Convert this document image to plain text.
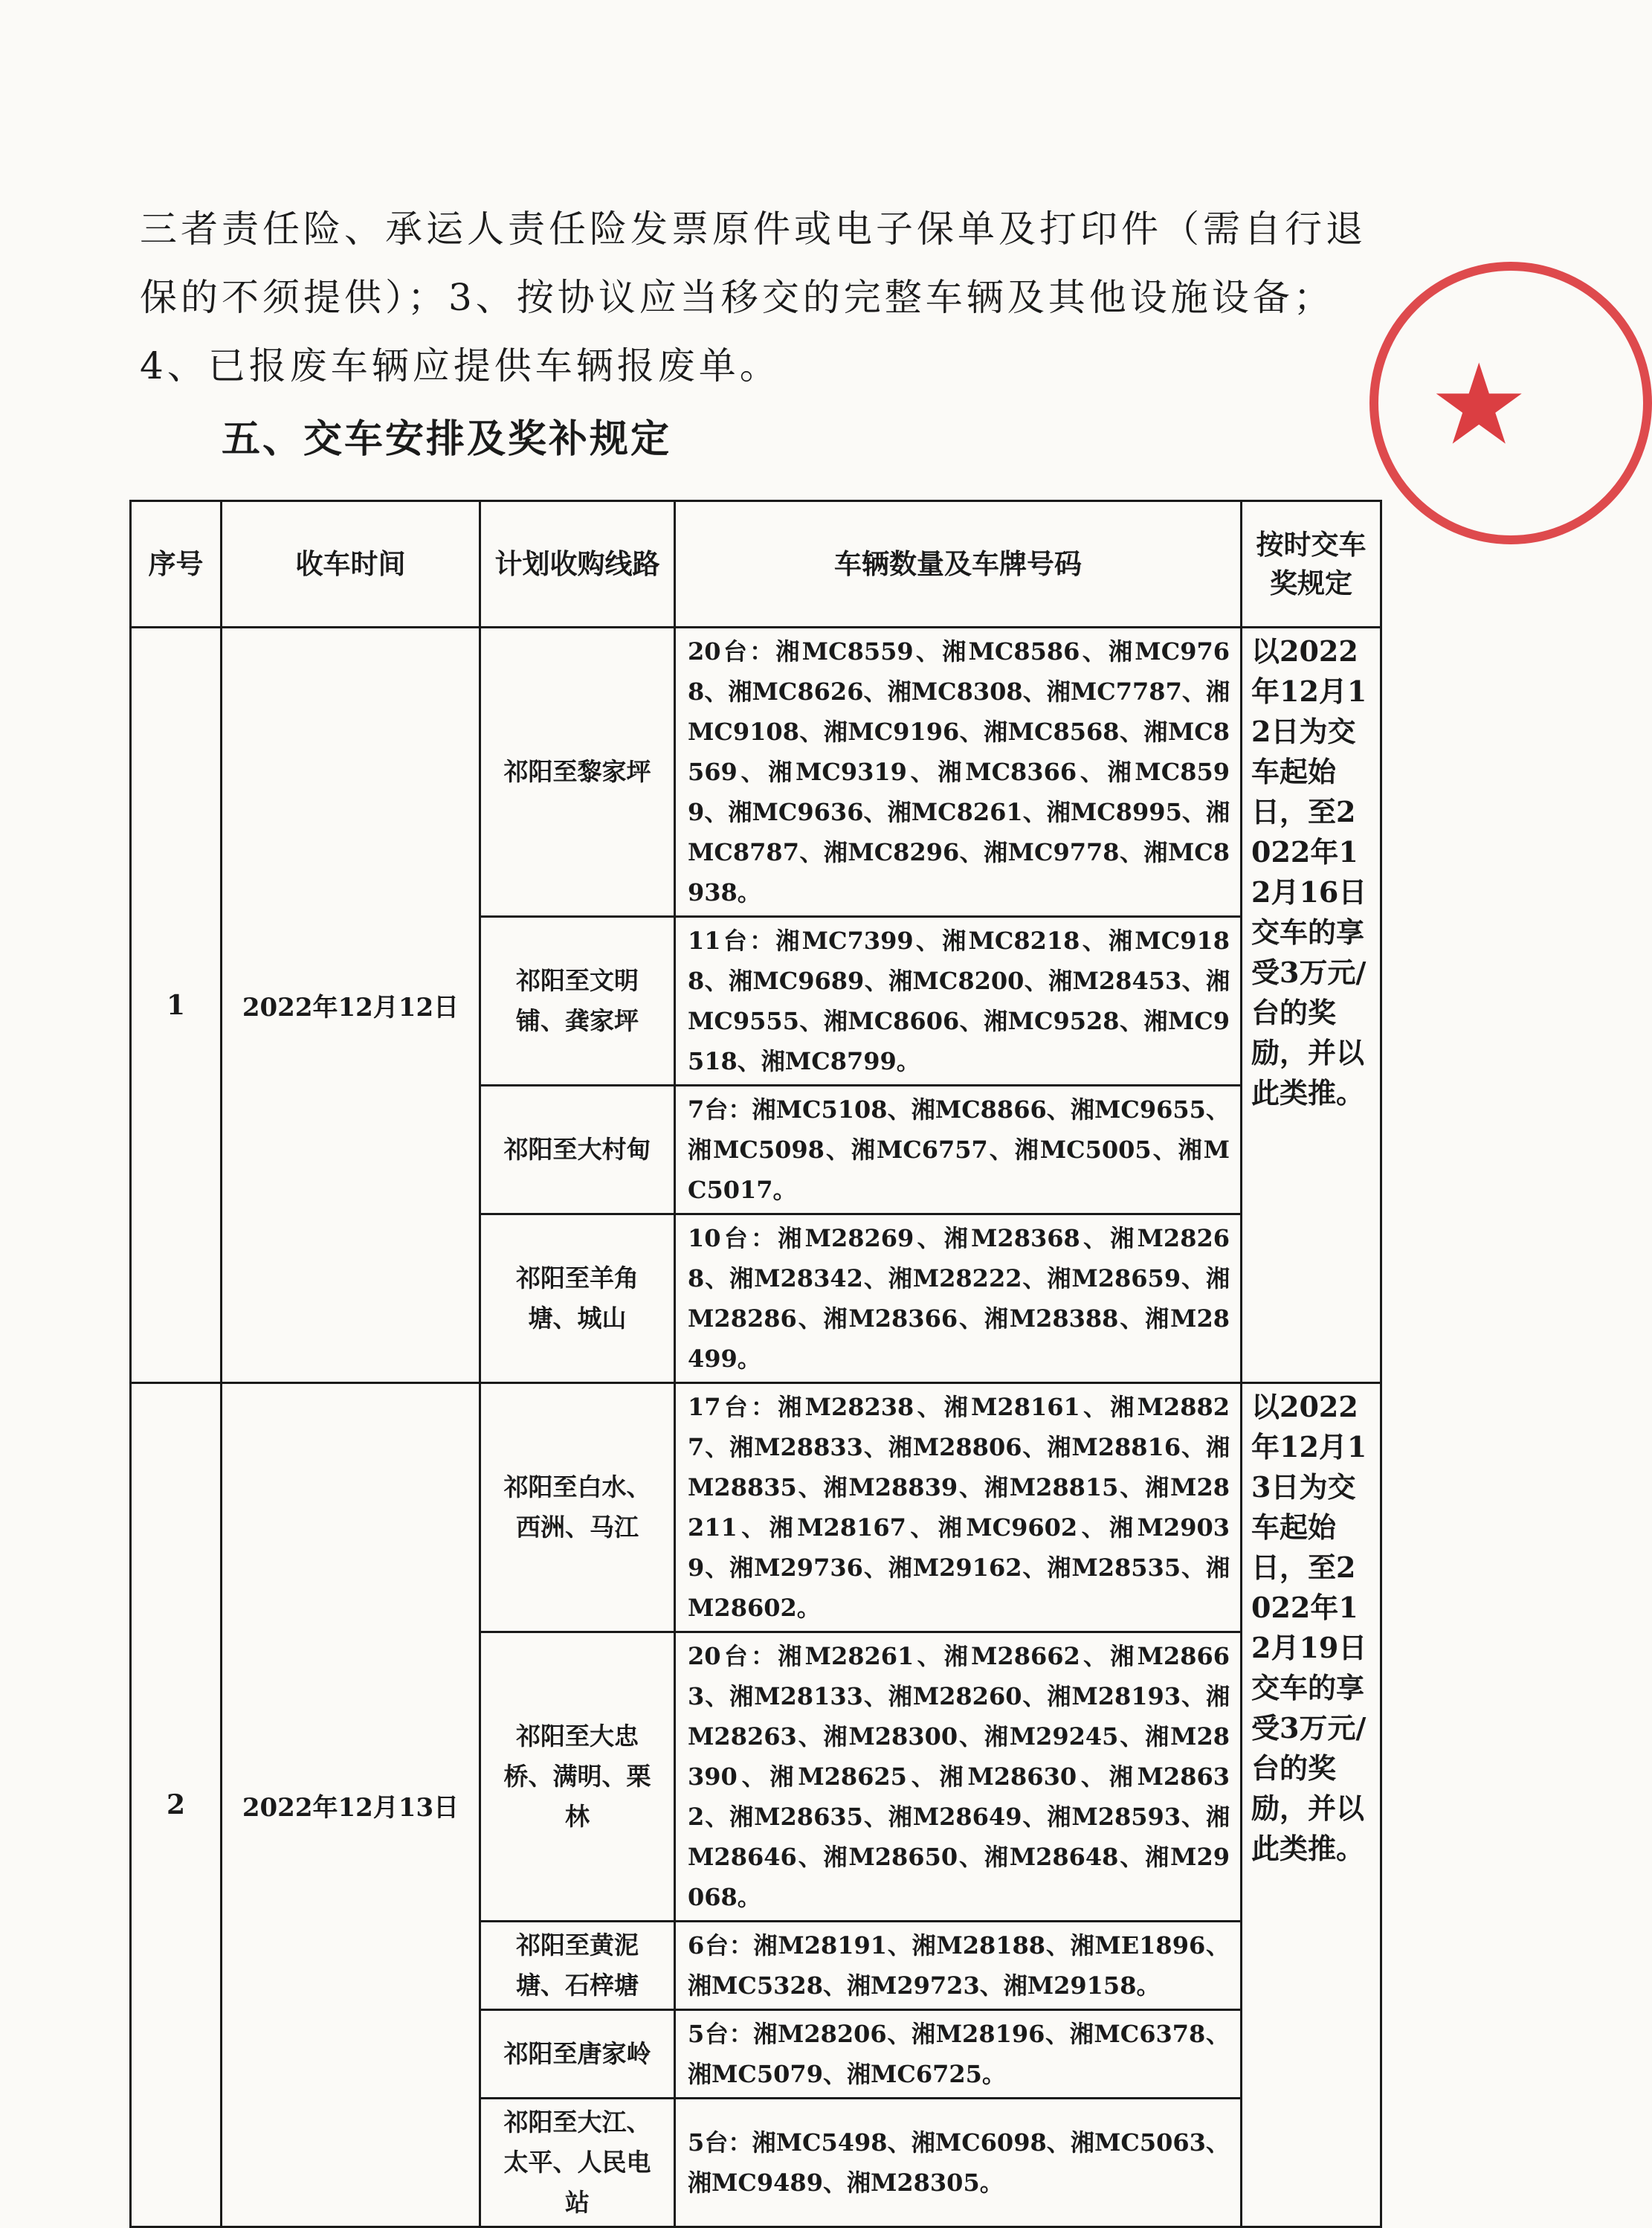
三者责任险、承运人责任险发票原件或电子保单及打印件（需自行退保的不须提供）；3、按协议应当移交的完整车辆及其他设施设备；4、已报废车辆应提供车辆报废单。

五、交车安排及奖补规定
序号	收车时间	计划收购线路	车辆数量及车牌号码	按时交车奖规定
1	2022年12月12日	祁阳至黎家坪	20台：湘MC8559、湘MC8586、湘MC9768、湘MC8626、湘MC8308、湘MC7787、湘MC9108、湘MC9196、湘MC8568、湘MC8569、湘MC9319、湘MC8366、湘MC8599、湘MC9636、湘MC8261、湘MC8995、湘MC8787、湘MC8296、湘MC9778、湘MC8938。	以2022年12月12日为交车起始日，至2022年12月16日交车的享受3万元/台的奖励，并以此类推。
		祁阳至文明铺、龚家坪	11台：湘MC7399、湘MC8218、湘MC9188、湘MC9689、湘MC8200、湘M28453、湘MC9555、湘MC8606、湘MC9528、湘MC9518、湘MC8799。	
		祁阳至大村甸	7台：湘MC5108、湘MC8866、湘MC9655、湘MC5098、湘MC6757、湘MC5005、湘MC5017。	
		祁阳至羊角塘、城山	10台：湘M28269、湘M28368、湘M28268、湘M28342、湘M28222、湘M28659、湘M28286、湘M28366、湘M28388、湘M28499。	
2	2022年12月13日	祁阳至白水、西洲、马江	17台：湘M28238、湘M28161、湘M28827、湘M28833、湘M28806、湘M28816、湘M28835、湘M28839、湘M28815、湘M28211、湘M28167、湘MC9602、湘M29039、湘M29736、湘M29162、湘M28535、湘M28602。	以2022年12月13日为交车起始日，至2022年12月19日交车的享受3万元/台的奖励，并以此类推。
		祁阳至大忠桥、满明、栗林	20台：湘M28261、湘M28662、湘M28663、湘M28133、湘M28260、湘M28193、湘M28263、湘M28300、湘M29245、湘M28390、湘M28625、湘M28630、湘M28632、湘M28635、湘M28649、湘M28593、湘M28646、湘M28650、湘M28648、湘M29068。	
		祁阳至黄泥塘、石梓塘	6台：湘M28191、湘M28188、湘ME1896、湘MC5328、湘M29723、湘M29158。	
		祁阳至唐家岭	5台：湘M28206、湘M28196、湘MC6378、湘MC5079、湘MC6725。	
		祁阳至大江、太平、人民电站	5台：湘MC5498、湘MC6098、湘MC5063、湘MC9489、湘M28305。	
★
